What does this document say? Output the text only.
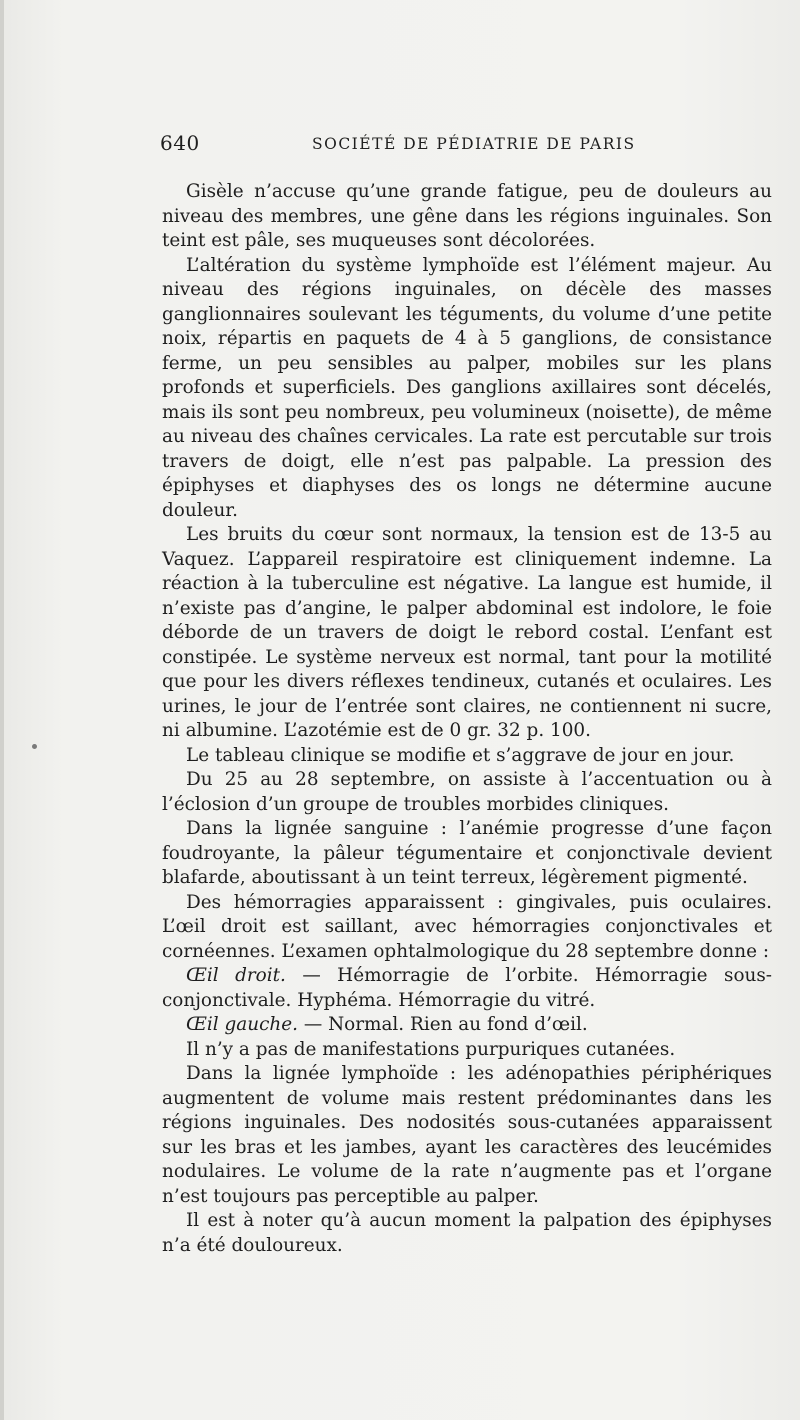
640	SOCIÉTÉ DE PÉDIATRIE DE PARIS

Gisèle n’accuse qu’une grande fatigue, peu de douleurs au niveau des membres, une gêne dans les régions inguinales. Son teint est pâle, ses muqueuses sont décolorées.

L’altération du système lymphoïde est l’élément majeur. Au niveau des régions inguinales, on décèle des masses ganglionnaires soulevant les téguments, du volume d’une petite noix, répartis en paquets de 4 à 5 ganglions, de consistance ferme, un peu sensibles au palper, mobiles sur les plans profonds et superficiels. Des ganglions axillaires sont décelés, mais ils sont peu nombreux, peu volumineux (noisette), de même au niveau des chaînes cervicales. La rate est percutable sur trois travers de doigt, elle n’est pas palpable. La pression des épiphyses et diaphyses des os longs ne détermine aucune douleur.

Les bruits du cœur sont normaux, la tension est de 13-5 au Vaquez. L’appareil respiratoire est cliniquement indemne. La réaction à la tuberculine est négative. La langue est humide, il n’existe pas d’angine, le palper abdominal est indolore, le foie déborde de un travers de doigt le rebord costal. L’enfant est constipée. Le système nerveux est normal, tant pour la motilité que pour les divers réflexes tendineux, cutanés et oculaires. Les urines, le jour de l’entrée sont claires, ne contiennent ni sucre, ni albumine. L’azotémie est de 0 gr. 32 p. 100.

Le tableau clinique se modifie et s’aggrave de jour en jour.

Du 25 au 28 septembre, on assiste à l’accentuation ou à l’éclosion d’un groupe de troubles morbides cliniques.

Dans la lignée sanguine : l’anémie progresse d’une façon foudroyante, la pâleur tégumentaire et conjonctivale devient blafarde, aboutissant à un teint terreux, légèrement pigmenté.

Des hémorragies apparaissent : gingivales, puis oculaires. L’œil droit est saillant, avec hémorragies conjonctivales et cornéennes. L’examen ophtalmologique du 28 septembre donne :

Œil droit. — Hémorragie de l’orbite. Hémorragie sous-conjonctivale. Hyphéma. Hémorragie du vitré.

Œil gauche. — Normal. Rien au fond d’œil.

Il n’y a pas de manifestations purpuriques cutanées.

Dans la lignée lymphoïde : les adénopathies périphériques augmentent de volume mais restent prédominantes dans les régions inguinales. Des nodosités sous-cutanées apparaissent sur les bras et les jambes, ayant les caractères des leucémides nodulaires. Le volume de la rate n’augmente pas et l’organe n’est toujours pas perceptible au palper.

Il est à noter qu’à aucun moment la palpation des épiphyses n’a été douloureux.
